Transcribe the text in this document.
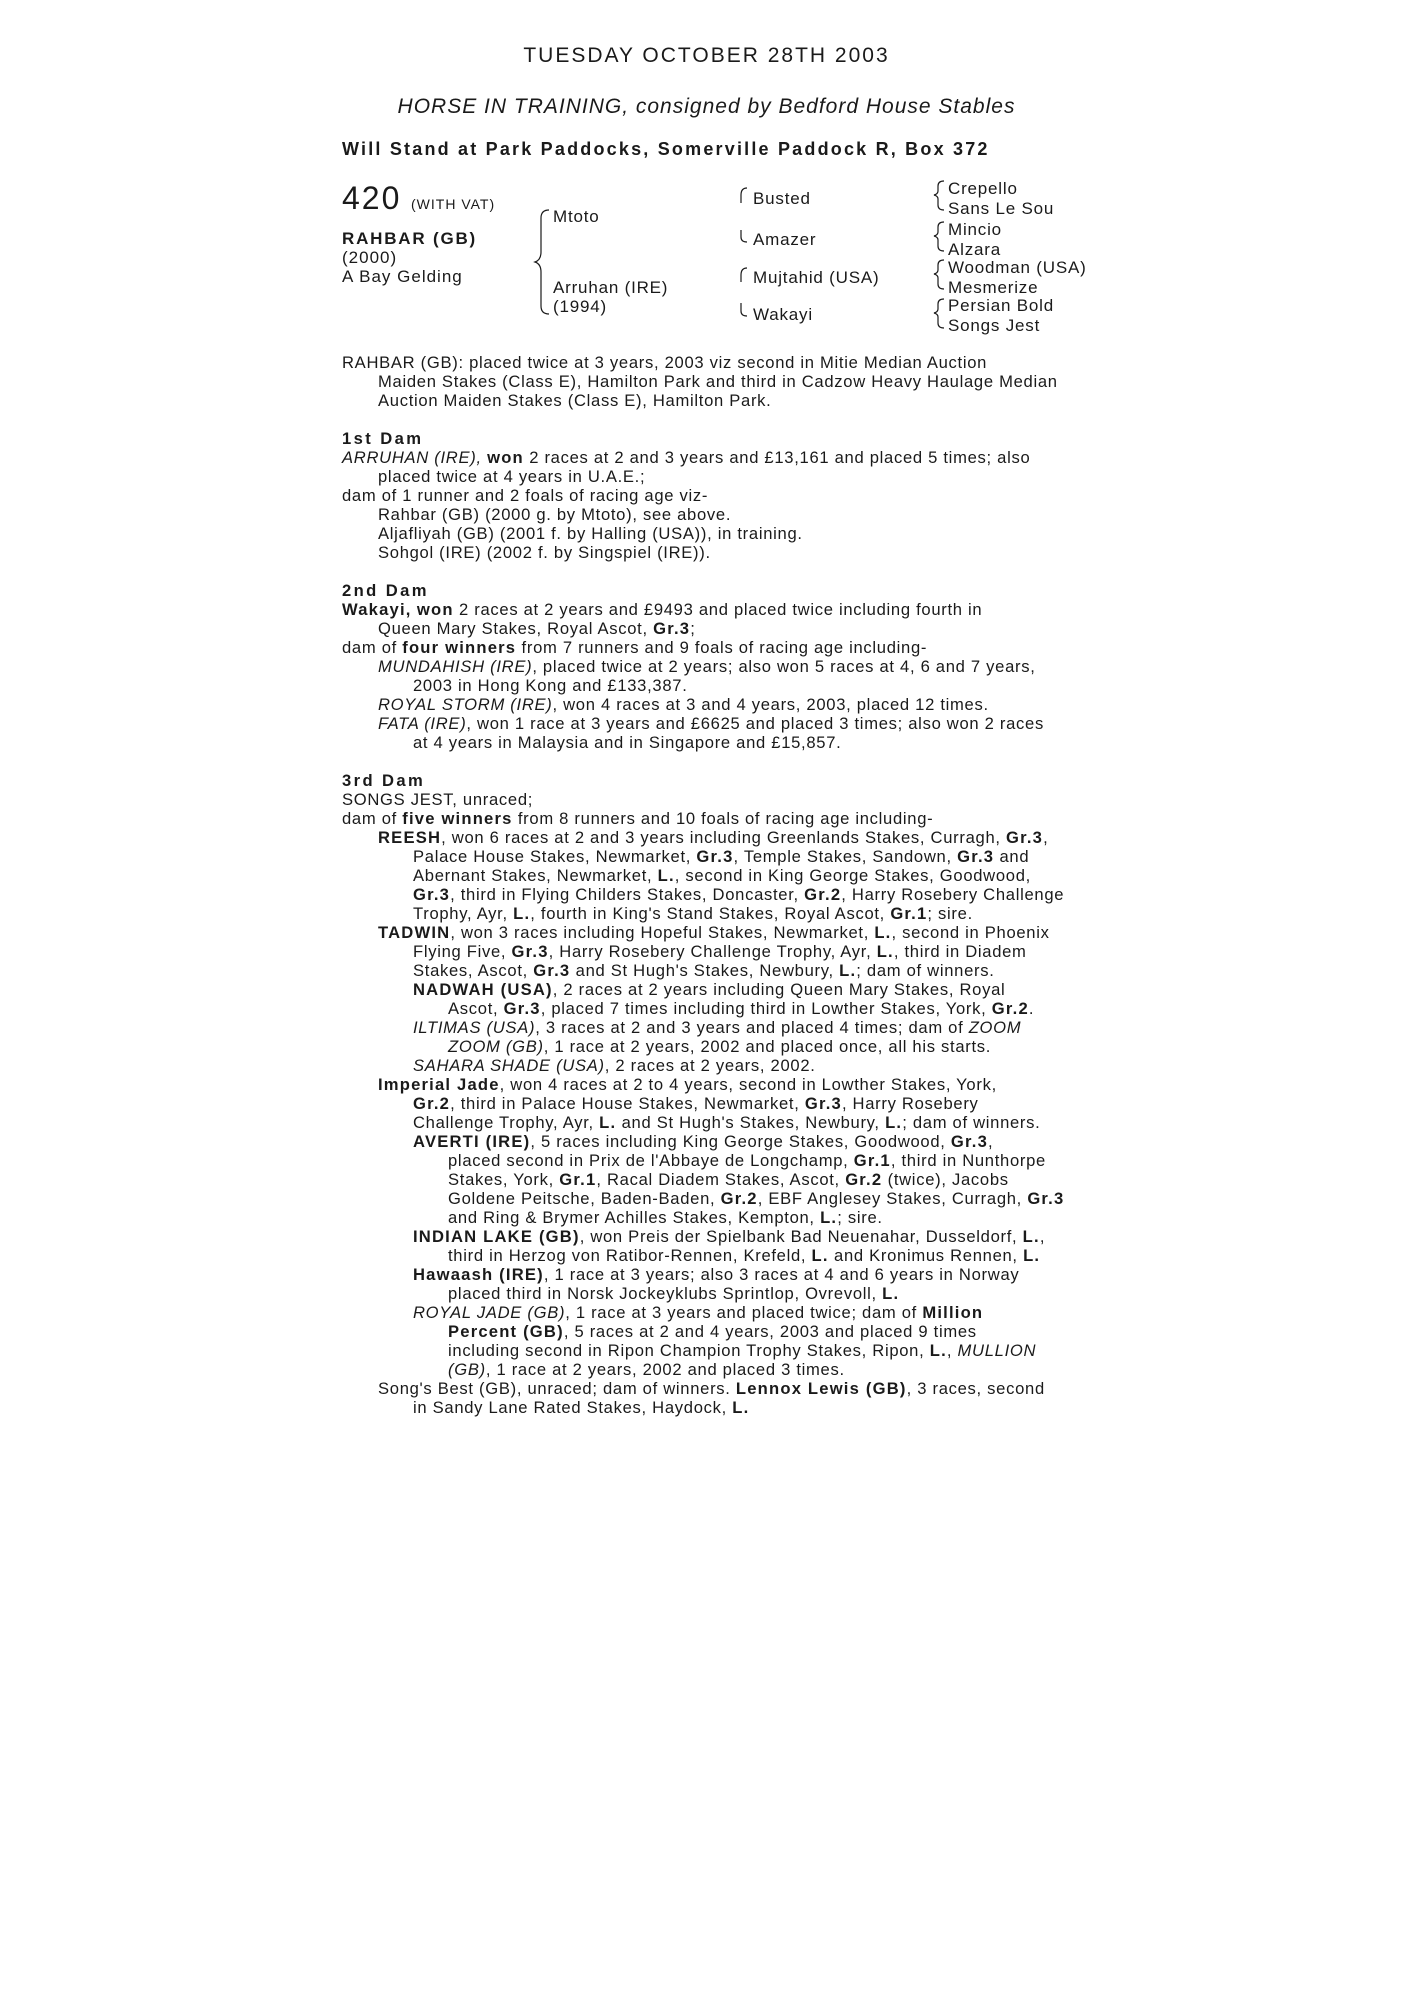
TUESDAY OCTOBER 28TH 2003
HORSE IN TRAINING, consigned by Bedford House Stables
Will Stand at Park Paddocks, Somerville Paddock R, Box 372
420 (WITH VAT)
RAHBAR (GB)
(2000)
A Bay Gelding
Mtoto
Arruhan (IRE)
(1994)
Busted
Amazer
Mujtahid (USA)
Wakayi
Crepello
Sans Le Sou
Mincio
Alzara
Woodman (USA)
Mesmerize
Persian Bold
Songs Jest

RAHBAR (GB): placed twice at 3 years, 2003 viz second in Mitie Median Auction

Maiden Stakes (Class E), Hamilton Park and third in Cadzow Heavy Haulage Median

Auction Maiden Stakes (Class E), Hamilton Park.

1st Dam

ARRUHAN (IRE), won 2 races at 2 and 3 years and £13,161 and placed 5 times; also

placed twice at 4 years in U.A.E.;

dam of 1 runner and 2 foals of racing age viz-

Rahbar (GB) (2000 g. by Mtoto), see above.

Aljafliyah (GB) (2001 f. by Halling (USA)), in training.

Sohgol (IRE) (2002 f. by Singspiel (IRE)).

2nd Dam

Wakayi, won 2 races at 2 years and £9493 and placed twice including fourth in

Queen Mary Stakes, Royal Ascot, Gr.3;

dam of four winners from 7 runners and 9 foals of racing age including-

MUNDAHISH (IRE), placed twice at 2 years; also won 5 races at 4, 6 and 7 years,

2003 in Hong Kong and £133,387.

ROYAL STORM (IRE), won 4 races at 3 and 4 years, 2003, placed 12 times.

FATA (IRE), won 1 race at 3 years and £6625 and placed 3 times; also won 2 races

at 4 years in Malaysia and in Singapore and £15,857.

3rd Dam

SONGS JEST, unraced;

dam of five winners from 8 runners and 10 foals of racing age including-

REESH, won 6 races at 2 and 3 years including Greenlands Stakes, Curragh, Gr.3,

Palace House Stakes, Newmarket, Gr.3, Temple Stakes, Sandown, Gr.3 and

Abernant Stakes, Newmarket, L., second in King George Stakes, Goodwood,

Gr.3, third in Flying Childers Stakes, Doncaster, Gr.2, Harry Rosebery Challenge

Trophy, Ayr, L., fourth in King's Stand Stakes, Royal Ascot, Gr.1; sire.

TADWIN, won 3 races including Hopeful Stakes, Newmarket, L., second in Phoenix

Flying Five, Gr.3, Harry Rosebery Challenge Trophy, Ayr, L., third in Diadem

Stakes, Ascot, Gr.3 and St Hugh's Stakes, Newbury, L.; dam of winners.

NADWAH (USA), 2 races at 2 years including Queen Mary Stakes, Royal

Ascot, Gr.3, placed 7 times including third in Lowther Stakes, York, Gr.2.

ILTIMAS (USA), 3 races at 2 and 3 years and placed 4 times; dam of ZOOM

ZOOM (GB), 1 race at 2 years, 2002 and placed once, all his starts.

SAHARA SHADE (USA), 2 races at 2 years, 2002.

Imperial Jade, won 4 races at 2 to 4 years, second in Lowther Stakes, York,

Gr.2, third in Palace House Stakes, Newmarket, Gr.3, Harry Rosebery

Challenge Trophy, Ayr, L. and St Hugh's Stakes, Newbury, L.; dam of winners.

AVERTI (IRE), 5 races including King George Stakes, Goodwood, Gr.3,

placed second in Prix de l'Abbaye de Longchamp, Gr.1, third in Nunthorpe

Stakes, York, Gr.1, Racal Diadem Stakes, Ascot, Gr.2 (twice), Jacobs

Goldene Peitsche, Baden-Baden, Gr.2, EBF Anglesey Stakes, Curragh, Gr.3

and Ring & Brymer Achilles Stakes, Kempton, L.; sire.

INDIAN LAKE (GB), won Preis der Spielbank Bad Neuenahar, Dusseldorf, L.,

third in Herzog von Ratibor-Rennen, Krefeld, L. and Kronimus Rennen, L.

Hawaash (IRE), 1 race at 3 years; also 3 races at 4 and 6 years in Norway

placed third in Norsk Jockeyklubs Sprintlop, Ovrevoll, L.

ROYAL JADE (GB), 1 race at 3 years and placed twice; dam of Million

Percent (GB), 5 races at 2 and 4 years, 2003 and placed 9 times

including second in Ripon Champion Trophy Stakes, Ripon, L., MULLION

(GB), 1 race at 2 years, 2002 and placed 3 times.

Song's Best (GB), unraced; dam of winners. Lennox Lewis (GB), 3 races, second

in Sandy Lane Rated Stakes, Haydock, L.
